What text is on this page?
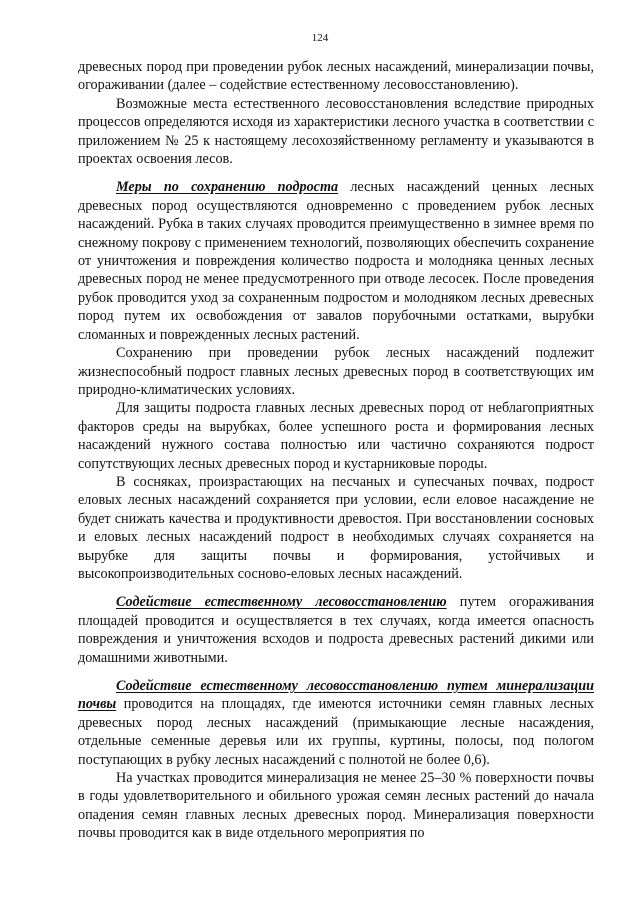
124

древесных пород при проведении рубок лесных насаждений, минерализации почвы, огораживании (далее – содействие естественному лесовосстановлению).

Возможные места естественного лесовосстановления вследствие природных процессов определяются исходя из характеристики лесного участка в соответствии с приложением № 25 к настоящему лесохозяйственному регламенту и указываются в проектах освоения лесов.

Меры по сохранению подроста лесных насаждений ценных лесных древесных пород осуществляются одновременно с проведением рубок лесных насаждений. Рубка в таких случаях проводится преимущественно в зимнее время по снежному покрову с применением технологий, позволяющих обеспечить сохранение от уничтожения и повреждения количество подроста и молодняка ценных лесных древесных пород не менее предусмотренного при отводе лесосек. После проведения рубок проводится уход за сохраненным подростом и молодняком лесных древесных пород путем их освобождения от завалов порубочными остатками, вырубки сломанных и поврежденных лесных растений.

Сохранению при проведении рубок лесных насаждений подлежит жизнеспособный подрост главных лесных древесных пород в соответствующих им природно-климатических условиях.

Для защиты подроста главных лесных древесных пород от неблагоприятных факторов среды на вырубках, более успешного роста и формирования лесных насаждений нужного состава полностью или частично сохраняются подрост сопутствующих лесных древесных пород и кустарниковые породы.

В сосняках, произрастающих на песчаных и супесчаных почвах, подрост еловых лесных насаждений сохраняется при условии, если еловое насаждение не будет снижать качества и продуктивности древостоя. При восстановлении сосновых и еловых лесных насаждений подрост в необходимых случаях сохраняется на вырубке для защиты почвы и формирования, устойчивых и высокопроизводительных сосново-еловых лесных насаждений.

Содействие естественному лесовосстановлению путем огораживания площадей проводится и осуществляется в тех случаях, когда имеется опасность повреждения и уничтожения всходов и подроста древесных растений дикими или домашними животными.

Содействие естественному лесовосстановлению путем минерализации почвы проводится на площадях, где имеются источники семян главных лесных древесных пород лесных насаждений (примыкающие лесные насаждения, отдельные семенные деревья или их группы, куртины, полосы, под пологом поступающих в рубку лесных насаждений с полнотой не более 0,6).

На участках проводится минерализация не менее 25–30 % поверхности почвы в годы удовлетворительного и обильного урожая семян лесных растений до начала опадения семян главных лесных древесных пород. Минерализация поверхности почвы проводится как в виде отдельного мероприятия по
